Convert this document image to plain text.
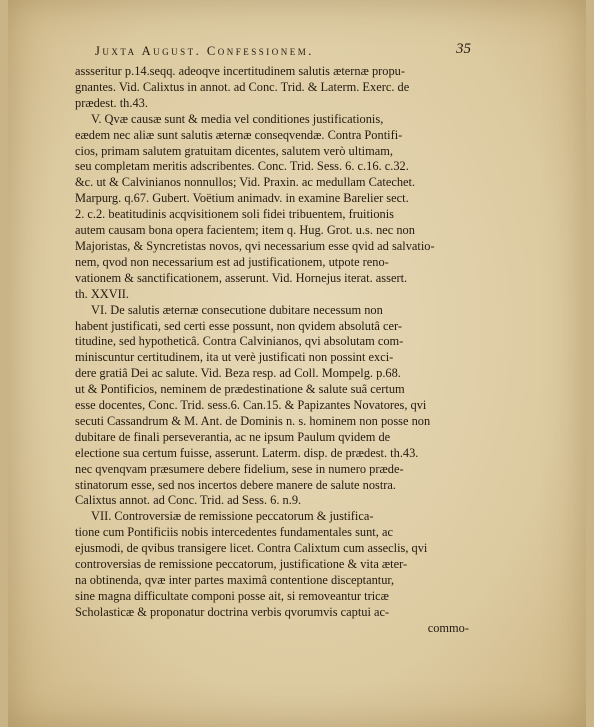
Juxta August. Confessionem.	35
assseritur p.14.seqq. adeoqve incertitudinem salutis æternæ propu-
gnantes. Vid. Calixtus in annot. ad Conc. Trid. & Laterm. Exerc. de
prædest. th.43.
V. Qvæ causæ sunt & media vel conditiones justificationis,
eædem nec aliæ sunt salutis æternæ conseqvendæ. Contra Pontifi-
cios, primam salutem gratuitam dicentes, salutem verò ultimam,
seu completam meritis adscribentes. Conc. Trid. Sess. 6. c.16. c.32.
&c. ut & Calvinianos nonnullos; Vid. Praxin. ac medullam Catechet.
Marpurg. q.67. Gubert. Voëtium animadv. in examine Barelier sect.
2. c.2. beatitudinis acqvisitionem soli fidei tribuentem, fruitionis
autem causam bona opera facientem; item q. Hug. Grot. u.s. nec non
Majoristas, & Syncretistas novos, qvi necessarium esse qvid ad salvatio-
nem, qvod non necessarium est ad justificationem, utpote reno-
vationem & sanctificationem, asserunt. Vid. Hornejus iterat. assert.
th. XXVII.
VI. De salutis æternæ consecutione dubitare necessum non
habent justificati, sed certi esse possunt, non qvidem absolutâ cer-
titudine, sed hypotheticâ. Contra Calvinianos, qvi absolutam com-
miniscuntur certitudinem, ita ut verè justificati non possint exci-
dere gratiâ Dei ac salute. Vid. Beza resp. ad Coll. Mompelg. p.68.
ut & Pontificios, neminem de prædestinatione & salute suâ certum
esse docentes, Conc. Trid. sess.6. Can.15. & Papizantes Novatores, qvi
secuti Cassandrum & M. Ant. de Dominis n. s. hominem non posse non
dubitare de finali perseverantia, ac ne ipsum Paulum qvidem de
electione sua certum fuisse, asserunt. Laterm. disp. de prædest. th.43.
nec qvenqvam præsumere debere fidelium, sese in numero præde-
stinatorum esse, sed nos incertos debere manere de salute nostra.
Calixtus annot. ad Conc. Trid. ad Sess. 6. n.9.
VII. Controversiæ de remissione peccatorum & justifica-
tione cum Pontificiis nobis intercedentes fundamentales sunt, ac
ejusmodi, de qvibus transigere licet. Contra Calixtum cum asseclis, qvi
controversias de remissione peccatorum, justificatione & vita æter-
na obtinenda, qvæ inter partes maximâ contentione disceptantur,
sine magna difficultate componi posse ait, si removeantur tricæ
Scholasticæ & proponatur doctrina verbis qvorumvis captui ac-
commo-
